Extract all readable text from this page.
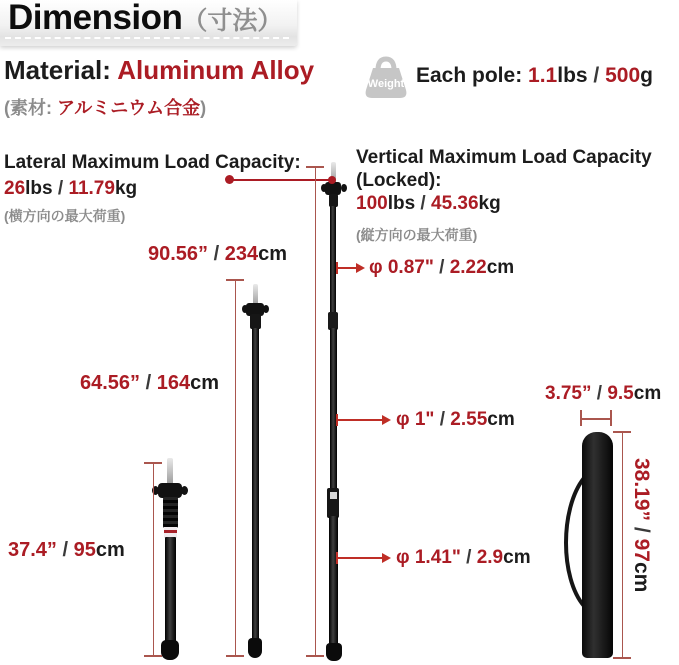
Dimension（寸法）
Material: Aluminum Alloy
(素材: アルミニウム合金)
Weight Each pole: 1.1lbs / 500g
Lateral Maximum Load Capacity:
26lbs / 11.79kg
(横方向の最大荷重)
Vertical Maximum Load Capacity
(Locked):
100lbs / 45.36kg
(縦方向の最大荷重)
90.56” / 234cm
64.56” / 164cm
37.4” / 95cm
3.75” / 9.5cm
38.19” / 97cm
φ 0.87" / 2.22cm
φ 1" / 2.55cm
φ 1.41" / 2.9cm
